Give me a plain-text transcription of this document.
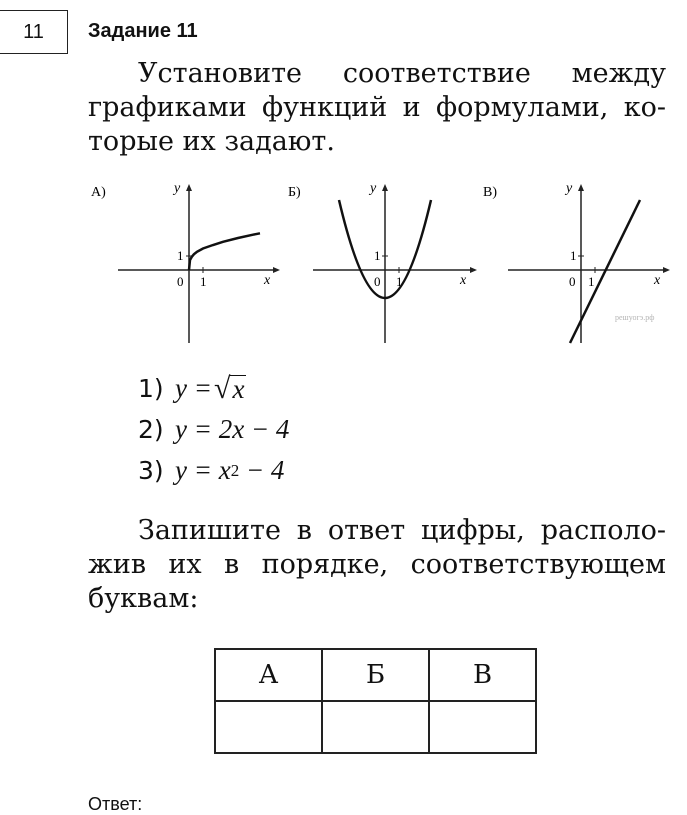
11 Задание 11
Установите соответствие между
графиками функций и формулами, ко-
торые их задают.
А)	y
x
0 1
1
Б)	y
x
0 1
1
В)	y
x
0 1
1
решуогэ.рф
1) y = √ x
2) y = 2x − 4
3) y = x 2 − 4
Запишите в ответ цифры, располо-
жив их в порядке, соответствующем
буквам:
А	Б	В

Ответ:
